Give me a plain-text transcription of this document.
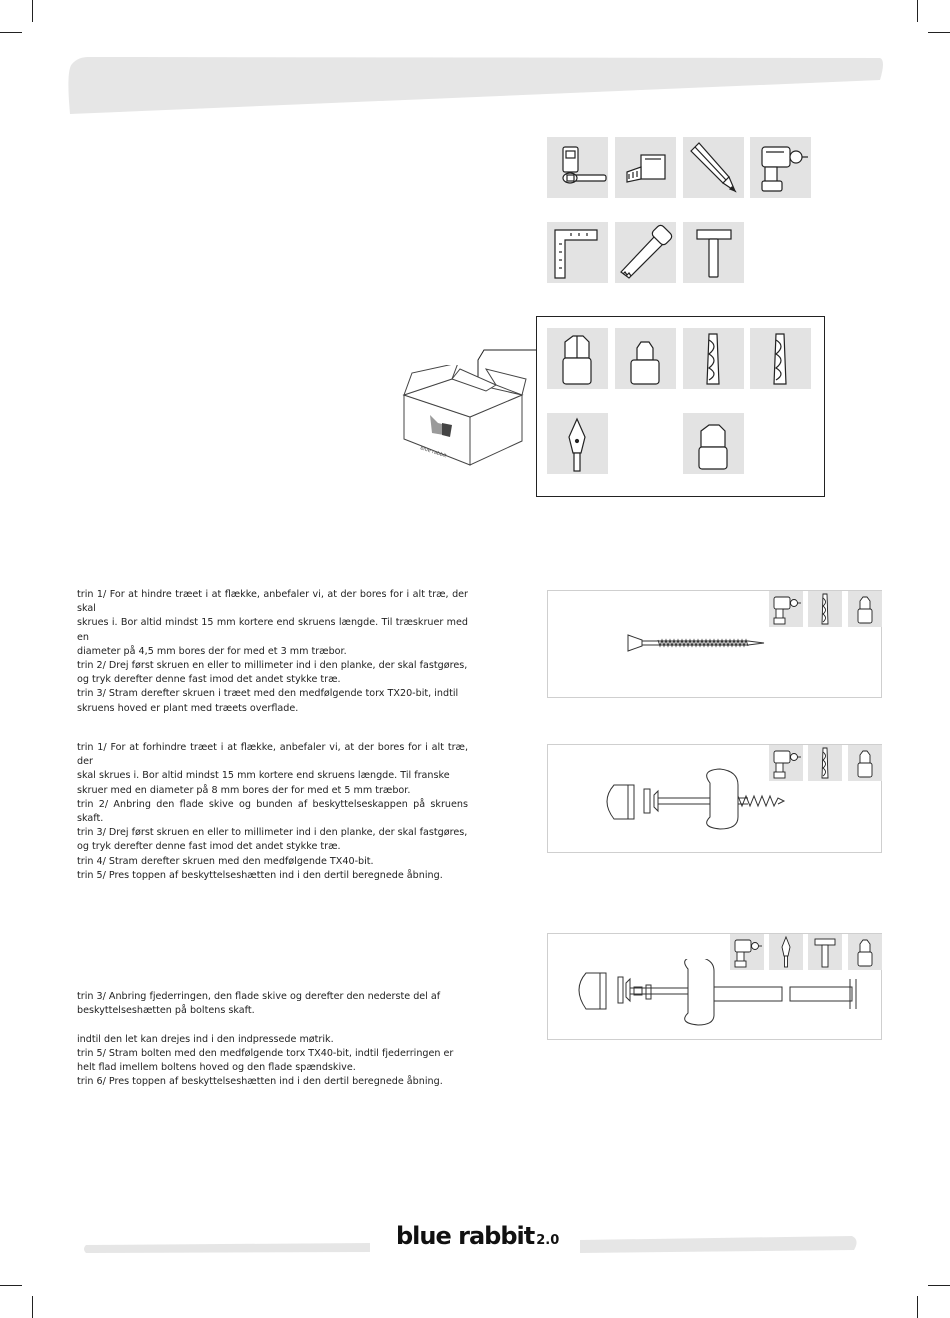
blue rabbit

trin 1/ For at hindre træet i at flække, anbefaler vi, at der bores for i alt træ, der skal

skrues i. Bor altid mindst 15 mm kortere end skruens længde. Til træskruer med en

diameter på 4,5 mm bores der for med et 3 mm træbor.

trin 2/ Drej først skruen en eller to millimeter ind i den planke, der skal fastgøres,

og tryk derefter denne fast imod det andet stykke træ.

trin 3/ Stram derefter skruen i træet med den medfølgende torx TX20-bit, indtil

skruens hoved er plant med træets overflade.

trin 1/ For at forhindre træet i at flække, anbefaler vi, at der bores for i alt træ, der

skal skrues i. Bor altid mindst 15 mm kortere end skruens længde. Til franske

skruer med en diameter på 8 mm bores der for med et 5 mm træbor.

trin 2/ Anbring den flade skive og bunden af beskyttelseskappen på skruens skaft.

trin 3/ Drej først skruen en eller to millimeter ind i den planke, der skal fastgøres,

og tryk derefter denne fast imod det andet stykke træ.

trin 4/ Stram derefter skruen med den medfølgende TX40-bit.

trin 5/ Pres toppen af beskyttelseshætten ind i den dertil beregnede åbning.

trin 3/ Anbring fjederringen, den flade skive og derefter den nederste del af

beskyttelseshætten på boltens skaft.

indtil den let kan drejes ind i den indpressede møtrik.

trin 5/ Stram bolten med den medfølgende torx TX40-bit, indtil fjederringen er

helt flad imellem boltens hoved og den flade spændskive.

trin 6/ Pres toppen af beskyttelseshætten ind i den dertil beregnede åbning.

blue rabbit 2.0
